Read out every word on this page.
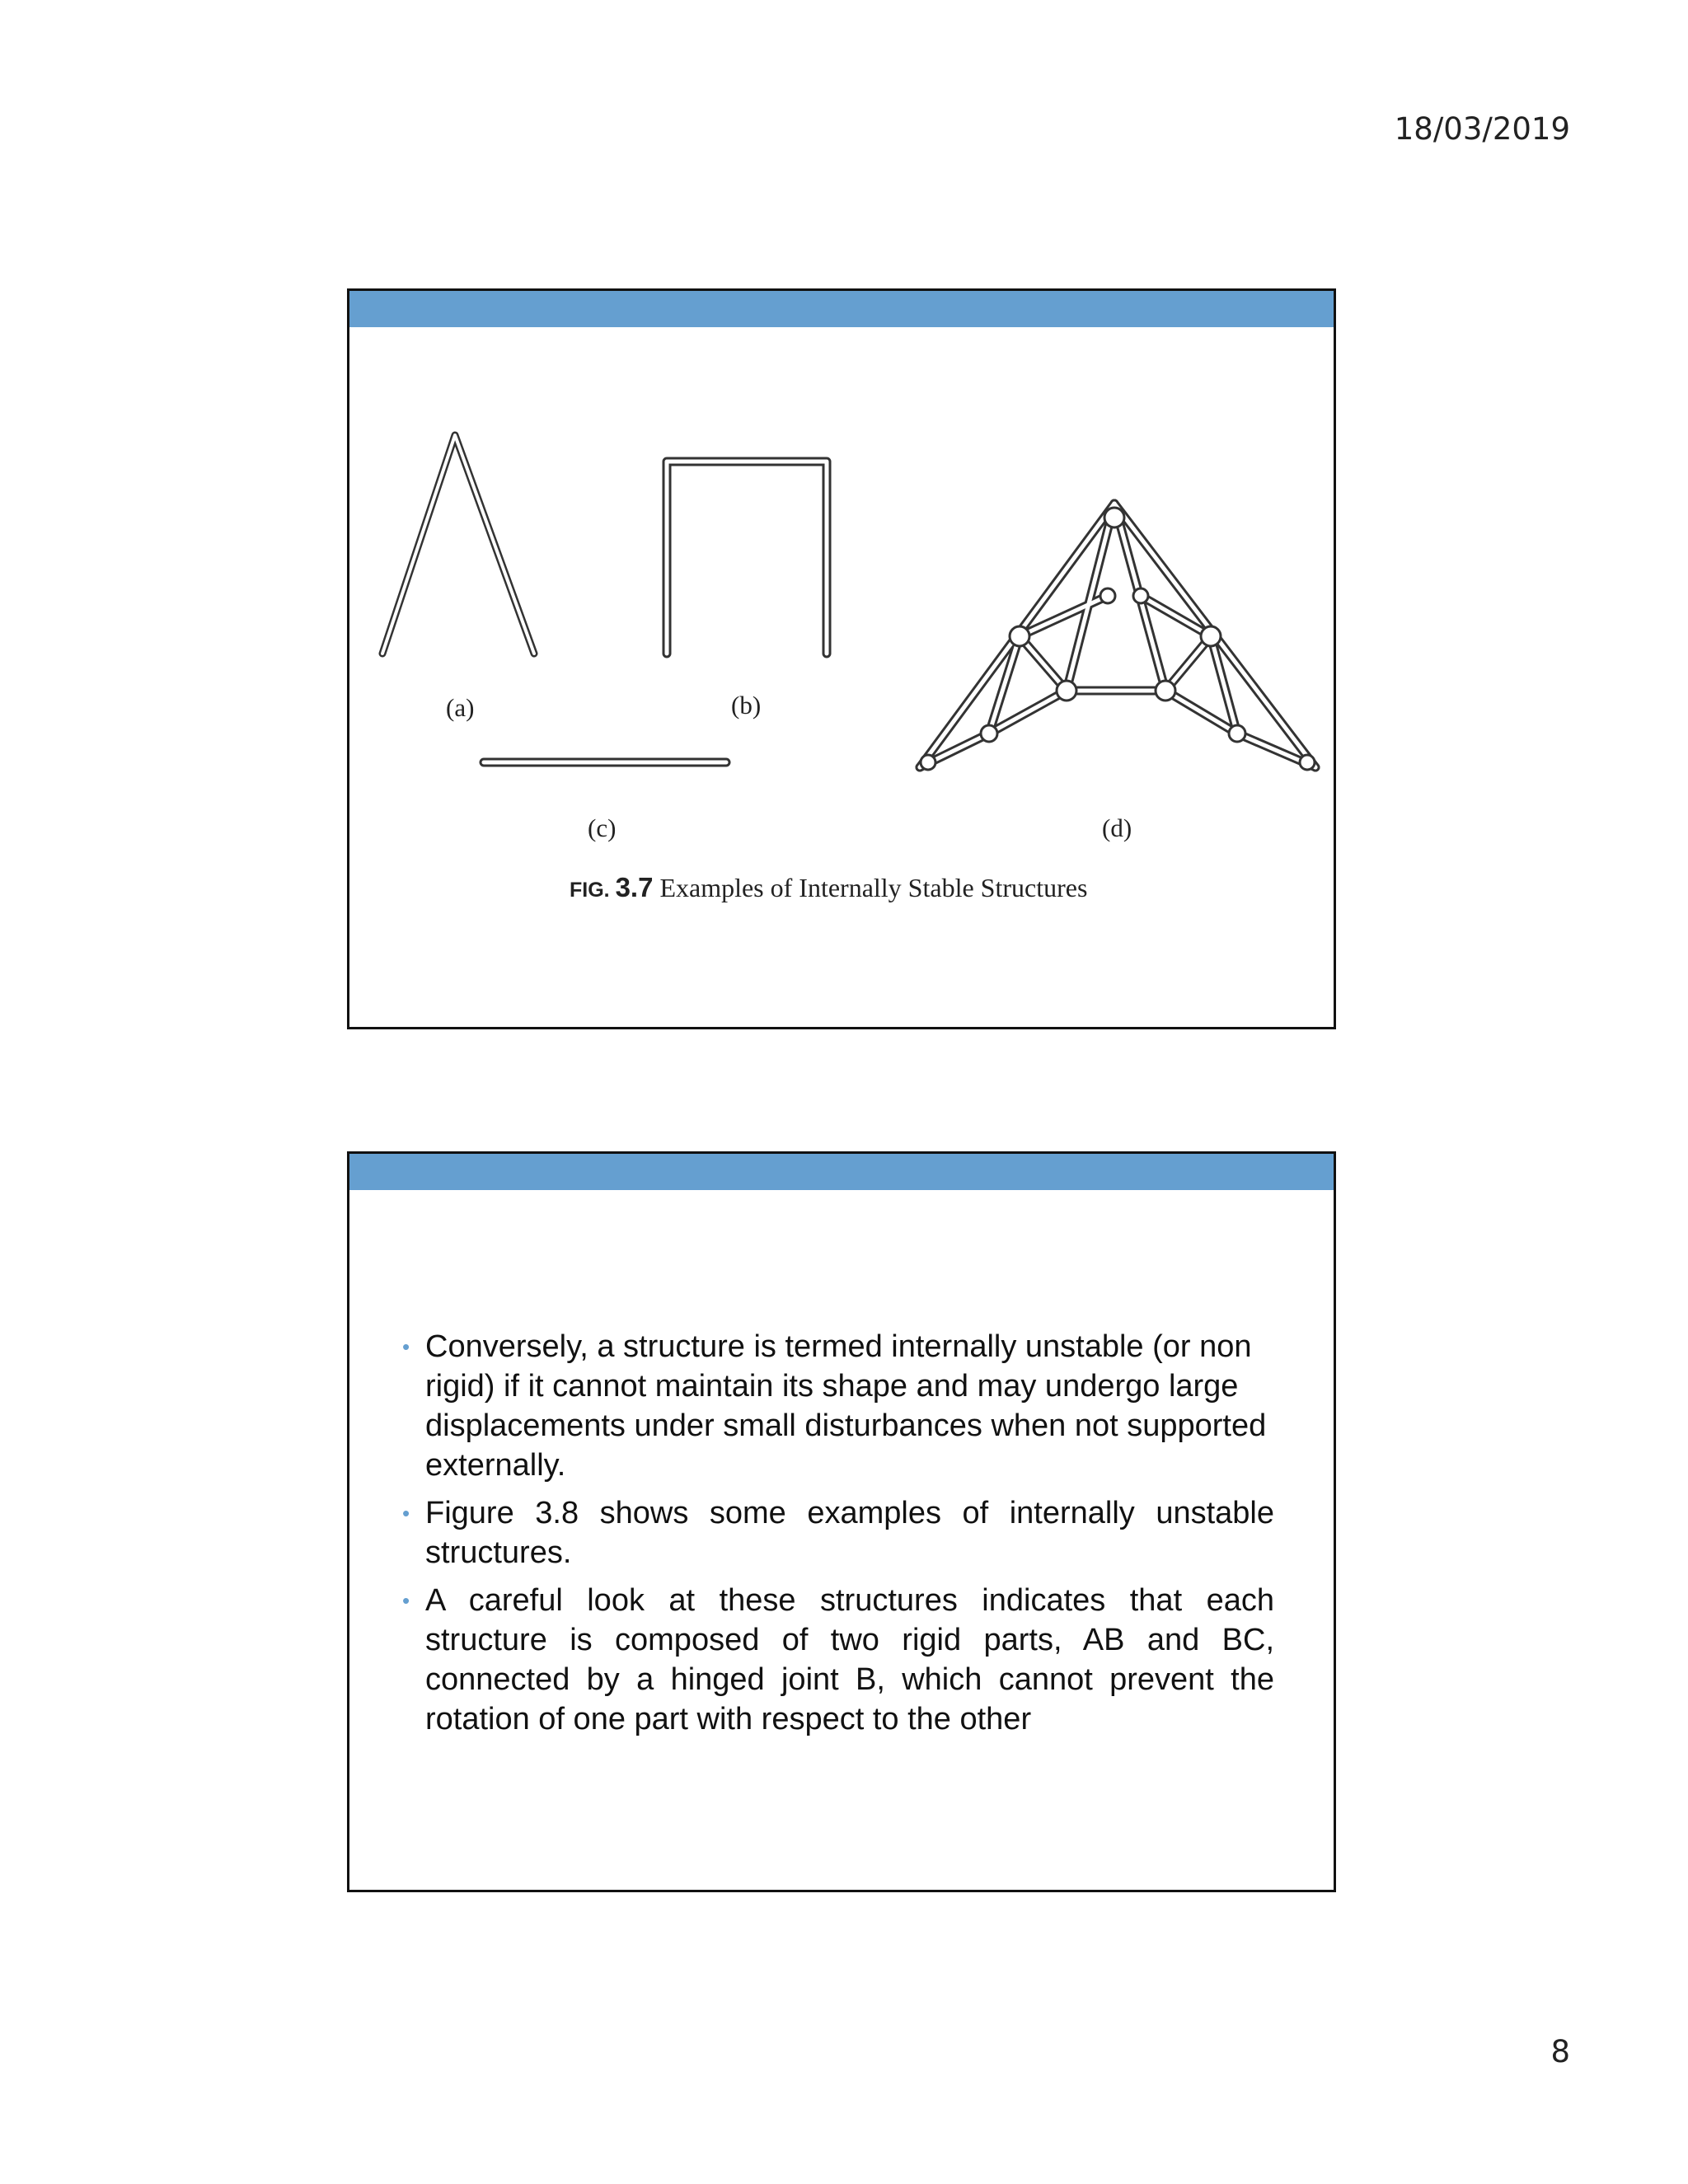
18/03/2019
(a)	(b)
(c)	(d)
FIG. 3.7 Examples of Internally Stable Structures
• Conversely, a structure is termed internally unstable (or non rigid) if it cannot maintain its shape and may undergo large displacements under small disturbances when not supported externally.
• Figure 3.8 shows some examples of internally unstable structures.
• A careful look at these structures indicates that each structure is composed of two rigid parts, AB and BC, connected by a hinged joint B, which cannot prevent the rotation of one part with respect to the other
8
